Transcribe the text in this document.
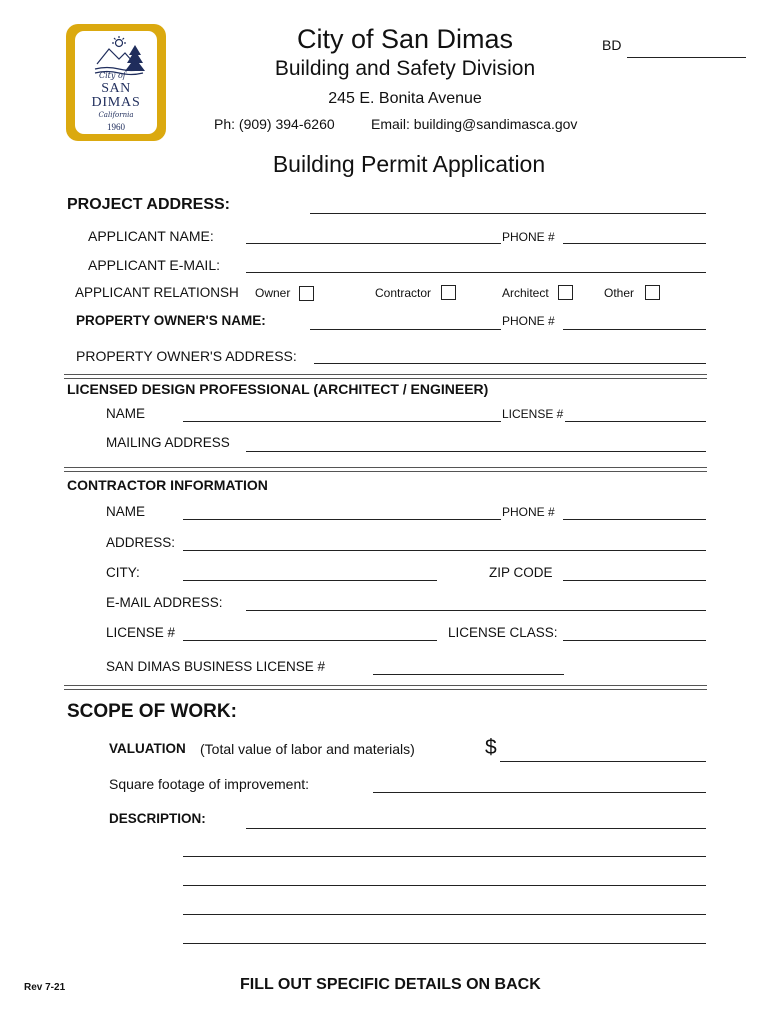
City of
SAN
DIMAS
California
1960
City of San Dimas
Building and Safety Division
245 E. Bonita Avenue
Ph: (909) 394-6260	Email: building@sandimasca.gov
BD
Building Permit Application
PROJECT ADDRESS:
APPLICANT NAME:	PHONE #
APPLICANT E-MAIL:
APPLICANT RELATIONSH Owner	Contractor	Architect	Other
PROPERTY OWNER'S NAME:	PHONE #
PROPERTY OWNER'S ADDRESS:
LICENSED DESIGN PROFESSIONAL (ARCHITECT / ENGINEER)
NAME	LICENSE #
MAILING ADDRESS
CONTRACTOR INFORMATION
NAME	PHONE #
ADDRESS:
CITY:	ZIP CODE
E-MAIL ADDRESS:
LICENSE #	LICENSE CLASS:
SAN DIMAS BUSINESS LICENSE #
SCOPE OF WORK:
VALUATION (Total value of labor and materials)	$
Square footage of improvement:
DESCRIPTION:
Rev 7-21	FILL OUT SPECIFIC DETAILS ON BACK
